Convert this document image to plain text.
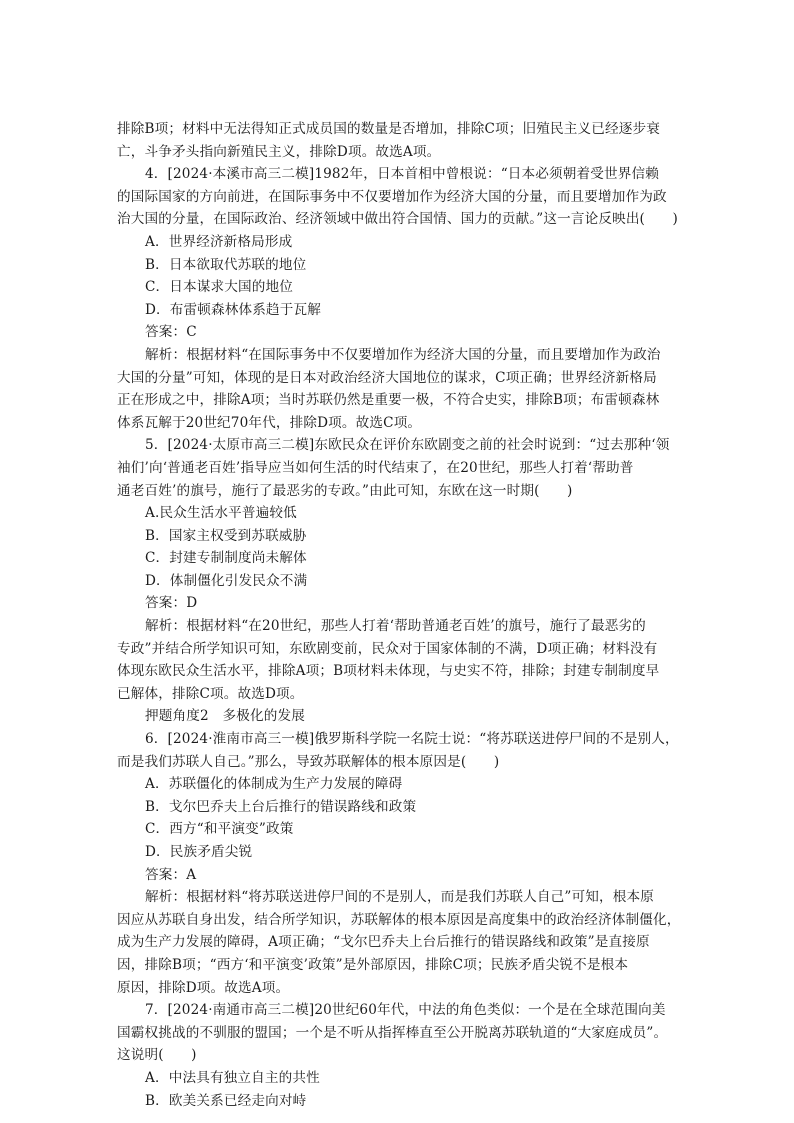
排除B项；材料中无法得知正式成员国的数量是否增加，排除C项；旧殖民主义已经逐步衰
亡，斗争矛头指向新殖民主义，排除D项。故选A项。
4．[2024·本溪市高三二模]1982年，日本首相中曾根说：“日本必须朝着受世界信赖
的国际国家的方向前进，在国际事务中不仅要增加作为经济大国的分量，而且要增加作为政
治大国的分量，在国际政治、经济领域中做出符合国情、国力的贡献。”这一言论反映出(　　)
A．世界经济新格局形成
B．日本欲取代苏联的地位
C．日本谋求大国的地位
D．布雷顿森林体系趋于瓦解
答案：C
解析：根据材料“在国际事务中不仅要增加作为经济大国的分量，而且要增加作为政治
大国的分量”可知，体现的是日本对政治经济大国地位的谋求，C项正确；世界经济新格局
正在形成之中，排除A项；当时苏联仍然是重要一极，不符合史实，排除B项；布雷顿森林
体系瓦解于20世纪70年代，排除D项。故选C项。
5．[2024·太原市高三二模]东欧民众在评价东欧剧变之前的社会时说到：“过去那种‘领
袖们’向‘普通老百姓’指导应当如何生活的时代结束了，在20世纪，那些人打着‘帮助普
通老百姓’的旗号，施行了最恶劣的专政。”由此可知，东欧在这一时期(　　)
A.民众生活水平普遍较低
B．国家主权受到苏联威胁
C．封建专制制度尚未解体
D．体制僵化引发民众不满
答案：D
解析：根据材料“在20世纪，那些人打着‘帮助普通老百姓’的旗号，施行了最恶劣的
专政”并结合所学知识可知，东欧剧变前，民众对于国家体制的不满，D项正确；材料没有
体现东欧民众生活水平，排除A项；B项材料未体现，与史实不符，排除；封建专制制度早
已解体，排除C项。故选D项。
押题角度2　多极化的发展
6．[2024·淮南市高三一模]俄罗斯科学院一名院士说：“将苏联送进停尸间的不是别人，
而是我们苏联人自己。”那么，导致苏联解体的根本原因是(　　)
A．苏联僵化的体制成为生产力发展的障碍
B．戈尔巴乔夫上台后推行的错误路线和政策
C．西方“和平演变”政策
D．民族矛盾尖锐
答案：A
解析：根据材料“将苏联送进停尸间的不是别人，而是我们苏联人自己”可知，根本原
因应从苏联自身出发，结合所学知识，苏联解体的根本原因是高度集中的政治经济体制僵化，
成为生产力发展的障碍，A项正确；“戈尔巴乔夫上台后推行的错误路线和政策”是直接原
因，排除B项；“西方‘和平演变’政策”是外部原因，排除C项；民族矛盾尖锐不是根本
原因，排除D项。故选A项。
7．[2024·南通市高三二模]20世纪60年代，中法的角色类似：一个是在全球范围向美
国霸权挑战的不驯服的盟国；一个是不听从指挥棒直至公开脱离苏联轨道的“大家庭成员”。
这说明(　　)
A．中法具有独立自主的共性
B．欧美关系已经走向对峙
